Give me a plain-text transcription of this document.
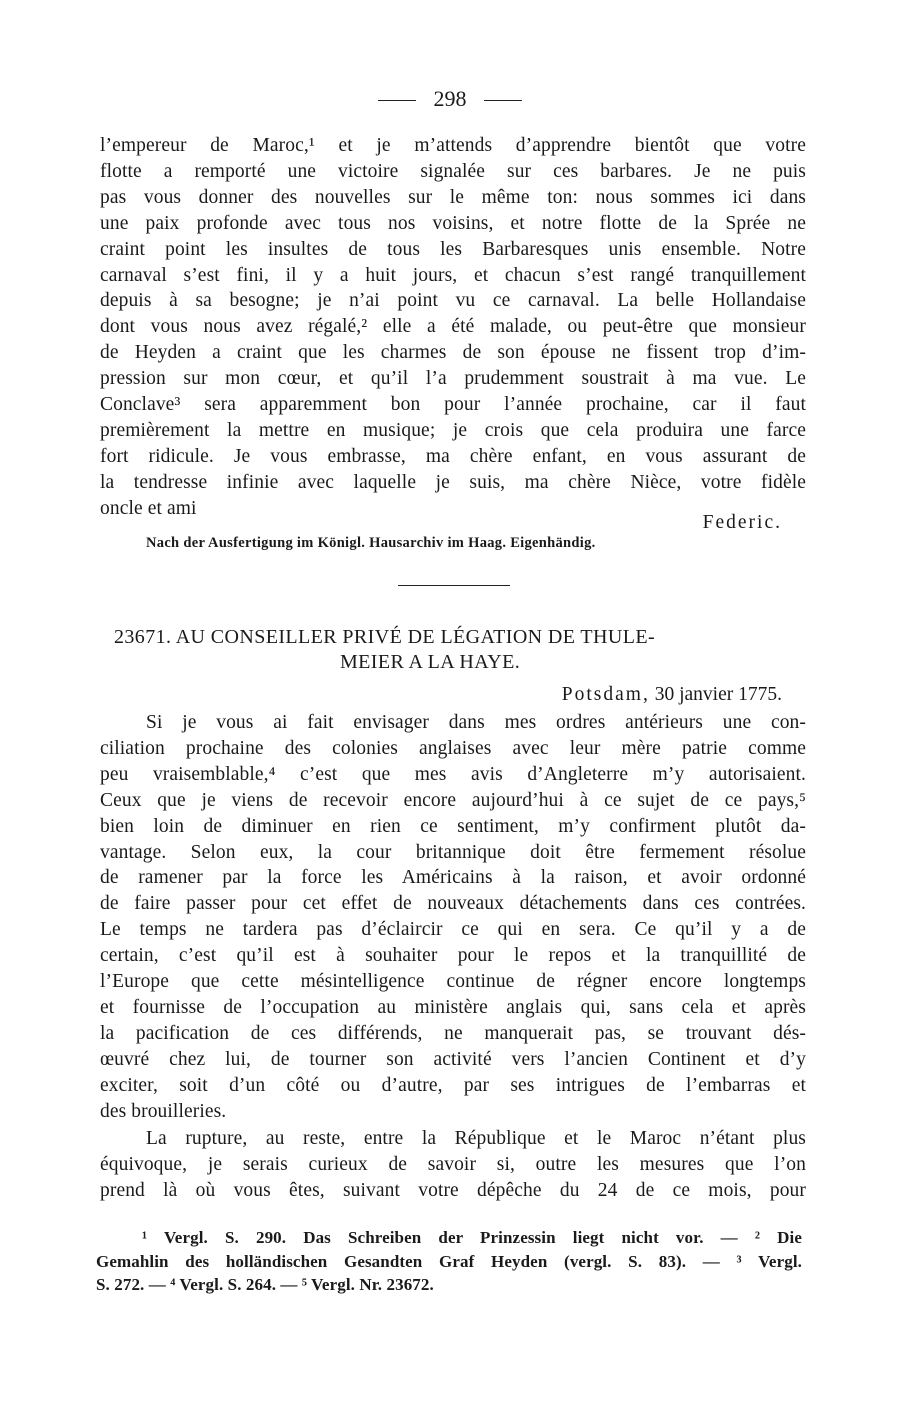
298
l’empereur de Maroc,¹ et je m’attends d’apprendre bientôt que votre
flotte a remporté une victoire signalée sur ces barbares. Je ne puis
pas vous donner des nouvelles sur le même ton: nous sommes ici dans
une paix profonde avec tous nos voisins, et notre flotte de la Sprée ne
craint point les insultes de tous les Barbaresques unis ensemble. Notre
carnaval s’est fini, il y a huit jours, et chacun s’est rangé tranquillement
depuis à sa besogne; je n’ai point vu ce carnaval. La belle Hollandaise
dont vous nous avez régalé,² elle a été malade, ou peut-être que monsieur
de Heyden a craint que les charmes de son épouse ne fissent trop d’im-
pression sur mon cœur, et qu’il l’a prudemment soustrait à ma vue. Le
Conclave³ sera apparemment bon pour l’année prochaine, car il faut
premièrement la mettre en musique; je crois que cela produira une farce
fort ridicule. Je vous embrasse, ma chère enfant, en vous assurant de
la tendresse infinie avec laquelle je suis, ma chère Nièce, votre fidèle
oncle et ami
Federic.
Nach der Ausfertigung im Königl. Hausarchiv im Haag. Eigenhändig.
23671. AU CONSEILLER PRIVÉ DE LÉGATION DE THULE-
MEIER A LA HAYE.
Potsdam, 30 janvier 1775.
Si je vous ai fait envisager dans mes ordres antérieurs une con-
ciliation prochaine des colonies anglaises avec leur mère patrie comme
peu vraisemblable,⁴ c’est que mes avis d’Angleterre m’y autorisaient.
Ceux que je viens de recevoir encore aujourd’hui à ce sujet de ce pays,⁵
bien loin de diminuer en rien ce sentiment, m’y confirment plutôt da-
vantage. Selon eux, la cour britannique doit être fermement résolue
de ramener par la force les Américains à la raison, et avoir ordonné
de faire passer pour cet effet de nouveaux détachements dans ces contrées.
Le temps ne tardera pas d’éclaircir ce qui en sera. Ce qu’il y a de
certain, c’est qu’il est à souhaiter pour le repos et la tranquillité de
l’Europe que cette mésintelligence continue de régner encore longtemps
et fournisse de l’occupation au ministère anglais qui, sans cela et après
la pacification de ces différends, ne manquerait pas, se trouvant dés-
œuvré chez lui, de tourner son activité vers l’ancien Continent et d’y
exciter, soit d’un côté ou d’autre, par ses intrigues de l’embarras et
des brouilleries.
La rupture, au reste, entre la République et le Maroc n’étant plus
équivoque, je serais curieux de savoir si, outre les mesures que l’on
prend là où vous êtes, suivant votre dépêche du 24 de ce mois, pour
¹ Vergl. S. 290. Das Schreiben der Prinzessin liegt nicht vor. — ² Die
Gemahlin des holländischen Gesandten Graf Heyden (vergl. S. 83). — ³ Vergl.
S. 272. — ⁴ Vergl. S. 264. — ⁵ Vergl. Nr. 23672.
